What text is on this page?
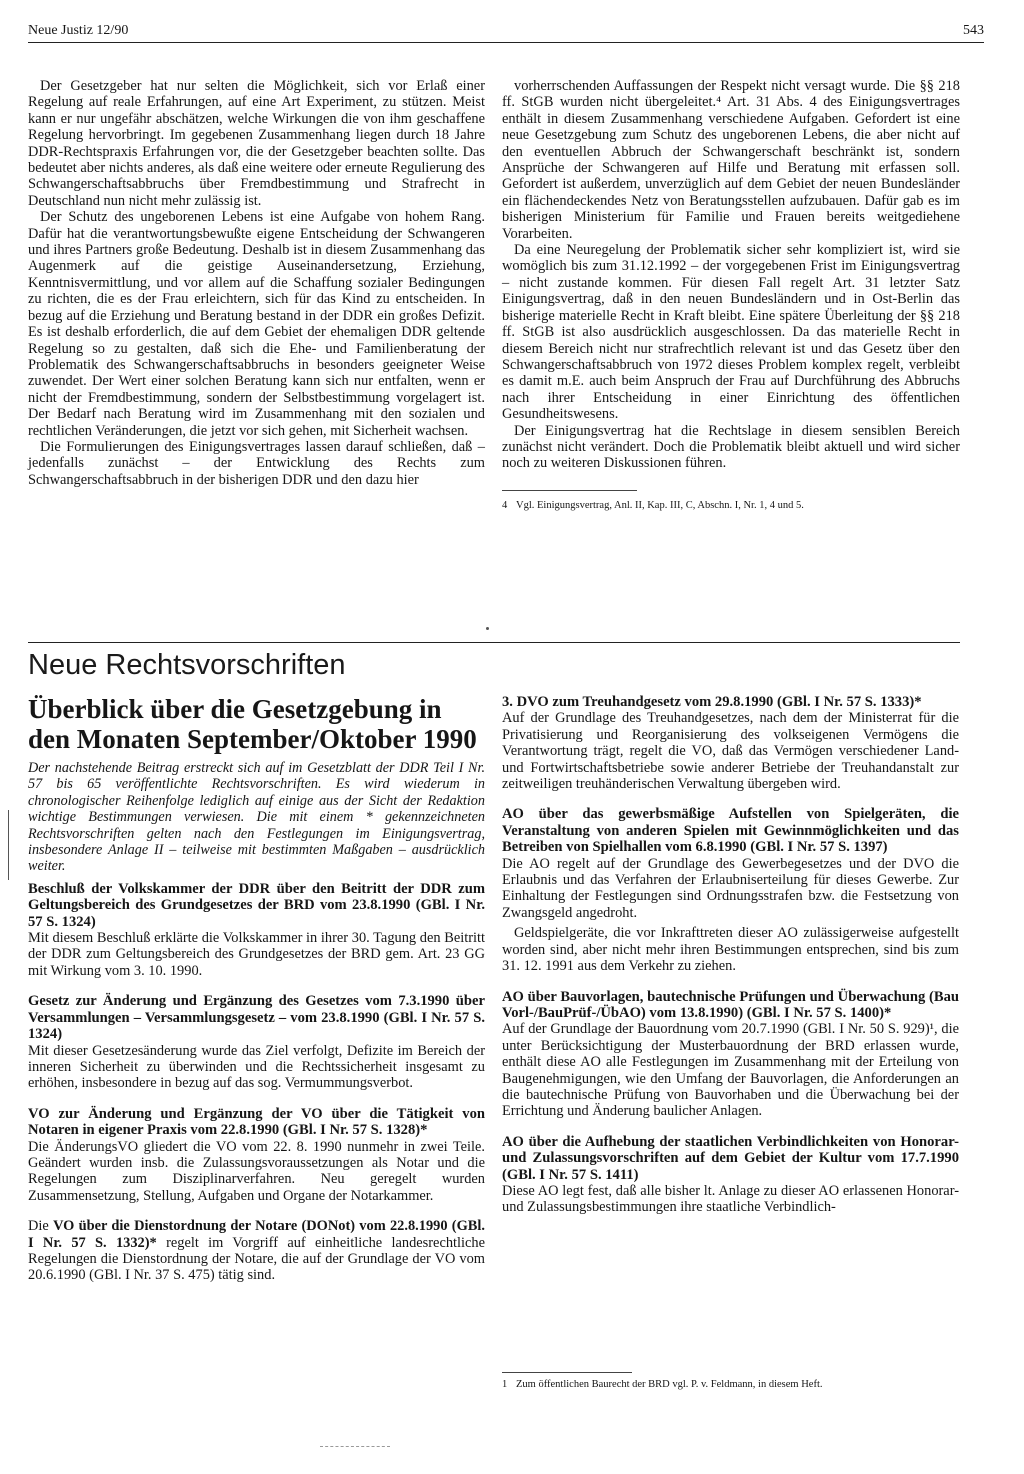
Neue Justiz 12/90	543

Der Gesetzgeber hat nur selten die Möglichkeit, sich vor Erlaß einer Regelung auf reale Erfahrungen, auf eine Art Experiment, zu stützen. Meist kann er nur ungefähr abschätzen, welche Wirkungen die von ihm geschaffene Regelung hervorbringt. Im gegebenen Zusammenhang liegen durch 18 Jahre DDR-Rechtspraxis Erfahrungen vor, die der Gesetzgeber beachten sollte. Das bedeutet aber nichts anderes, als daß eine weitere oder erneute Regulierung des Schwangerschaftsabbruchs über Fremdbestimmung und Strafrecht in Deutschland nun nicht mehr zulässig ist.

Der Schutz des ungeborenen Lebens ist eine Aufgabe von hohem Rang. Dafür hat die verantwortungsbewußte eigene Entscheidung der Schwangeren und ihres Partners große Bedeutung. Deshalb ist in diesem Zusammenhang das Augenmerk auf die geistige Auseinandersetzung, Erziehung, Kenntnisvermittlung, und vor allem auf die Schaffung sozialer Bedingungen zu richten, die es der Frau erleichtern, sich für das Kind zu entscheiden. In bezug auf die Erziehung und Beratung bestand in der DDR ein großes Defizit. Es ist deshalb erforderlich, die auf dem Gebiet der ehemaligen DDR geltende Regelung so zu gestalten, daß sich die Ehe- und Familienberatung der Problematik des Schwangerschaftsabbruchs in besonders geeigneter Weise zuwendet. Der Wert einer solchen Beratung kann sich nur entfalten, wenn er nicht der Fremdbestimmung, sondern der Selbstbestimmung vorgelagert ist. Der Bedarf nach Beratung wird im Zusammenhang mit den sozialen und rechtlichen Veränderungen, die jetzt vor sich gehen, mit Sicherheit wachsen.

Die Formulierungen des Einigungsvertrages lassen darauf schließen, daß – jedenfalls zunächst – der Entwicklung des Rechts zum Schwangerschaftsabbruch in der bisherigen DDR und den dazu hier

vorherrschenden Auffassungen der Respekt nicht versagt wurde. Die §§ 218 ff. StGB wurden nicht übergeleitet.⁴ Art. 31 Abs. 4 des Einigungsvertrages enthält in diesem Zusammenhang verschiedene Aufgaben. Gefordert ist eine neue Gesetzgebung zum Schutz des ungeborenen Lebens, die aber nicht auf den eventuellen Abbruch der Schwangerschaft beschränkt ist, sondern Ansprüche der Schwangeren auf Hilfe und Beratung mit erfassen soll. Gefordert ist außerdem, unverzüglich auf dem Gebiet der neuen Bundesländer ein flächendeckendes Netz von Beratungsstellen aufzubauen. Dafür gab es im bisherigen Ministerium für Familie und Frauen bereits weitgediehene Vorarbeiten.

Da eine Neuregelung der Problematik sicher sehr kompliziert ist, wird sie womöglich bis zum 31.12.1992 – der vorgegebenen Frist im Einigungsvertrag – nicht zustande kommen. Für diesen Fall regelt Art. 31 letzter Satz Einigungsvertrag, daß in den neuen Bundesländern und in Ost-Berlin das bisherige materielle Recht in Kraft bleibt. Eine spätere Überleitung der §§ 218 ff. StGB ist also ausdrücklich ausgeschlossen. Da das materielle Recht in diesem Bereich nicht nur strafrechtlich relevant ist und das Gesetz über den Schwangerschaftsabbruch von 1972 dieses Problem komplex regelt, verbleibt es damit m.E. auch beim Anspruch der Frau auf Durchführung des Abbruchs nach ihrer Entscheidung in einer Einrichtung des öffentlichen Gesundheitswesens.

Der Einigungsvertrag hat die Rechtslage in diesem sensiblen Bereich zunächst nicht verändert. Doch die Problematik bleibt aktuell und wird sicher noch zu weiteren Diskussionen führen.

4 Vgl. Einigungsvertrag, Anl. II, Kap. III, C, Abschn. I, Nr. 1, 4 und 5.

Neue Rechtsvorschriften
Überblick über die Gesetzgebung in den Monaten September/Oktober 1990

Der nachstehende Beitrag erstreckt sich auf im Gesetzblatt der DDR Teil I Nr. 57 bis 65 veröffentlichte Rechtsvorschriften. Es wird wiederum in chronologischer Reihenfolge lediglich auf einige aus der Sicht der Redaktion wichtige Bestimmungen verwiesen. Die mit einem * gekennzeichneten Rechtsvorschriften gelten nach den Festlegungen im Einigungsvertrag, insbesondere Anlage II – teilweise mit bestimmten Maßgaben – ausdrücklich weiter.

Beschluß der Volkskammer der DDR über den Beitritt der DDR zum Geltungsbereich des Grundgesetzes der BRD vom 23.8.1990 (GBl. I Nr. 57 S. 1324)

Mit diesem Beschluß erklärte die Volkskammer in ihrer 30. Tagung den Beitritt der DDR zum Geltungsbereich des Grundgesetzes der BRD gem. Art. 23 GG mit Wirkung vom 3. 10. 1990.

Gesetz zur Änderung und Ergänzung des Gesetzes vom 7.3.1990 über Versammlungen – Versammlungsgesetz – vom 23.8.1990 (GBl. I Nr. 57 S. 1324)

Mit dieser Gesetzesänderung wurde das Ziel verfolgt, Defizite im Bereich der inneren Sicherheit zu überwinden und die Rechtssicherheit insgesamt zu erhöhen, insbesondere in bezug auf das sog. Vermummungsverbot.

VO zur Änderung und Ergänzung der VO über die Tätigkeit von Notaren in eigener Praxis vom 22.8.1990 (GBl. I Nr. 57 S. 1328)*

Die ÄnderungsVO gliedert die VO vom 22. 8. 1990 nunmehr in zwei Teile. Geändert wurden insb. die Zulassungsvoraussetzungen als Notar und die Regelungen zum Disziplinarverfahren. Neu geregelt wurden Zusammensetzung, Stellung, Aufgaben und Organe der Notarkammer.

Die VO über die Dienstordnung der Notare (DONot) vom 22.8.1990 (GBl. I Nr. 57 S. 1332)* regelt im Vorgriff auf einheitliche landesrechtliche Regelungen die Dienstordnung der Notare, die auf der Grundlage der VO vom 20.6.1990 (GBl. I Nr. 37 S. 475) tätig sind.

3. DVO zum Treuhandgesetz vom 29.8.1990 (GBl. I Nr. 57 S. 1333)*

Auf der Grundlage des Treuhandgesetzes, nach dem der Ministerrat für die Privatisierung und Reorganisierung des volkseigenen Vermögens die Verantwortung trägt, regelt die VO, daß das Vermögen verschiedener Land- und Fortwirtschaftsbetriebe sowie anderer Betriebe der Treuhandanstalt zur zeitweiligen treuhänderischen Verwaltung übergeben wird.

AO über das gewerbsmäßige Aufstellen von Spielgeräten, die Veranstaltung von anderen Spielen mit Gewinnmöglichkeiten und das Betreiben von Spielhallen vom 6.8.1990 (GBl. I Nr. 57 S. 1397)

Die AO regelt auf der Grundlage des Gewerbegesetzes und der DVO die Erlaubnis und das Verfahren der Erlaubniserteilung für dieses Gewerbe. Zur Einhaltung der Festlegungen sind Ordnungsstrafen bzw. die Festsetzung von Zwangsgeld angedroht.

Geldspielgeräte, die vor Inkrafttreten dieser AO zulässigerweise aufgestellt worden sind, aber nicht mehr ihren Bestimmungen entsprechen, sind bis zum 31. 12. 1991 aus dem Verkehr zu ziehen.

AO über Bauvorlagen, bautechnische Prüfungen und Überwachung (Bau Vorl-/BauPrüf-/ÜbAO) vom 13.8.1990) (GBl. I Nr. 57 S. 1400)*

Auf der Grundlage der Bauordnung vom 20.7.1990 (GBl. I Nr. 50 S. 929)¹, die unter Berücksichtigung der Musterbauordnung der BRD erlassen wurde, enthält diese AO alle Festlegungen im Zusammenhang mit der Erteilung von Baugenehmigungen, wie den Umfang der Bauvorlagen, die Anforderungen an die bautechnische Prüfung von Bauvorhaben und die Überwachung bei der Errichtung und Änderung baulicher Anlagen.

AO über die Aufhebung der staatlichen Verbindlichkeiten von Honorar- und Zulassungsvorschriften auf dem Gebiet der Kultur vom 17.7.1990 (GBl. I Nr. 57 S. 1411)

Diese AO legt fest, daß alle bisher lt. Anlage zu dieser AO erlassenen Honorar- und Zulassungsbestimmungen ihre staatliche Verbindlich-

1 Zum öffentlichen Baurecht der BRD vgl. P. v. Feldmann, in diesem Heft.
